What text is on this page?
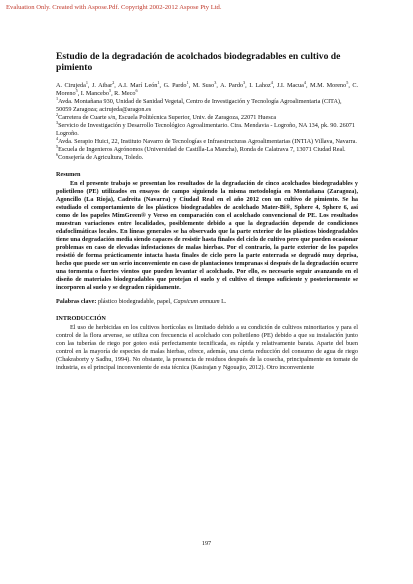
Evaluation Only. Created with Aspose.Pdf. Copyright 2002-2012 Aspose Pty Ltd.
Estudio de la degradación de acolchados biodegradables en cultivo de pimiento
A. Cirujeda$^1$, J. Aibar$^2$, A.I. Marí León$^1$, G. Pardo$^1$, M. Suso$^3$, A. Pardo$^3$, I. Lahoz$^4$, J.I. Macua$^4$, M.M. Moreno$^5$, C. Moreno$^5$, I. Mancebo$^5$, R. Meco$^6$
$^1$Avda. Montañana 930, Unidad de Sanidad Vegetal, Centro de Investigación y Tecnología Agroalimentaria (CITA), 50059 Zaragoza; acirujeda@aragon.es
$^2$Carretera de Cuarte s/n, Escuela Politécnica Superior, Univ. de Zaragoza, 22071 Huesca
$^3$Servicio de Investigación y Desarrollo Tecnológico Agroalimentario. Ctra. Mendavia - Logroño, NA 134, pk. 90. 26071 Logroño.
$^4$Avda. Serapio Huici, 22, Instituto Navarro de Tecnologías e Infraestructuras Agroalimentarias (INTIA) Villava, Navarra.
$^5$Escuela de Ingenieros Agrónomos (Universidad de Castilla-La Mancha), Ronda de Calatrava 7, 13071 Ciudad Real.
$^6$Consejería de Agricultura, Toledo.
Resumen

En el presente trabajo se presentan los resultados de la degradación de cinco acolchados biodegradables y polietileno (PE) utilizados en ensayos de campo siguiendo la misma metodología en Montañana (Zaragoza), Agoncillo (La Rioja), Cadreita (Navarra) y Ciudad Real en el año 2012 con un cultivo de pimiento. Se ha estudiado el comportamiento de los plásticos biodegradables de acolchado Mater-Bi®, Sphere 4, Sphere 6, así como de los papeles MimGreen® y Verso en comparación con el acolchado convencional de PE. Los resultados muestran variaciones entre localidades, posiblemente debido a que la degradación depende de condiciones edafoclimáticas locales. En líneas generales se ha observado que la parte exterior de los plásticos biodegradables tiene una degradación media siendo capaces de resistir hasta finales del ciclo de cultivo pero que pueden ocasionar problemas en caso de elevadas infestaciones de malas hierbas. Por el contrario, la parte exterior de los papeles resistió de forma prácticamente intacta hasta finales de ciclo pero la parte enterrada se degradó muy deprisa, hecho que puede ser un serio inconveniente en caso de plantaciones tempranas si después de la degradación ocurre una tormenta o fuertes vientos que pueden levantar el acolchado. Por ello, es necesario seguir avanzando en el diseño de materiales biodegradables que protejan el suelo y el cultivo el tiempo suficiente y posteriormente se incorporen al suelo y se degraden rápidamente.

Palabras clave: plástico biodegradable, papel, Capsicum annuum L.

INTRODUCCIÓN

El uso de herbicidas en los cultivos hortícolas es limitado debido a su condición de cultivos minoritarios y para el control de la flora arvense, se utiliza con frecuencia el acolchado con polietileno (PE) debido a que su instalación junto con las tuberías de riego por goteo está perfectamente tecnificada, es rápida y relativamente barata. Aparte del buen control en la mayoría de especies de malas hierbas, ofrece, además, una cierta reducción del consumo de agua de riego (Chakraborty y Sadhu, 1994). No obstante, la presencia de residuos después de la cosecha, principalmente en tomate de industria, es el principal inconveniente de esta técnica (Kasirajan y Ngouajio, 2012). Otro inconveniente

197
